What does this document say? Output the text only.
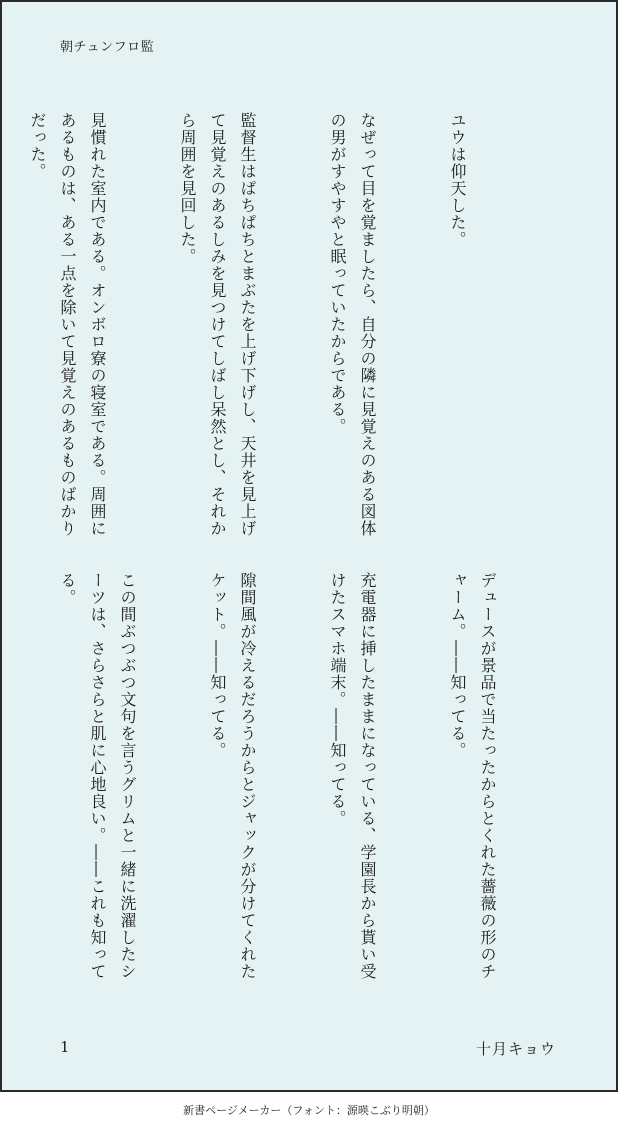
朝チュンフロ監

ユウは仰天した。

なぜって目を覚ましたら、自分の隣に見覚えのある図体の男がすやすやと眠っていたからである。

監督生はぱちぱちとまぶたを上げ下げし、天井を見上げて見覚えのあるしみを見つけてしばし呆然とし、それから周囲を見回した。

見慣れた室内である。オンボロ寮の寝室である。周囲にあるものは、ある一点を除いて見覚えのあるものばかりだった。

デュースが景品で当たったからとくれた薔薇の形のチャーム。――知ってる。

充電器に挿したままになっている、学園長から貰い受けたスマホ端末。――知ってる。

隙間風が冷えるだろうからとジャックが分けてくれたケット。――知ってる。

この間ぶつぶつ文句を言うグリムと一緒に洗濯したシーツは、さらさらと肌に心地良い。――これも知ってる。

1	十月キョウ
新書ページメーカー（フォント：源暎こぶり明朝）
